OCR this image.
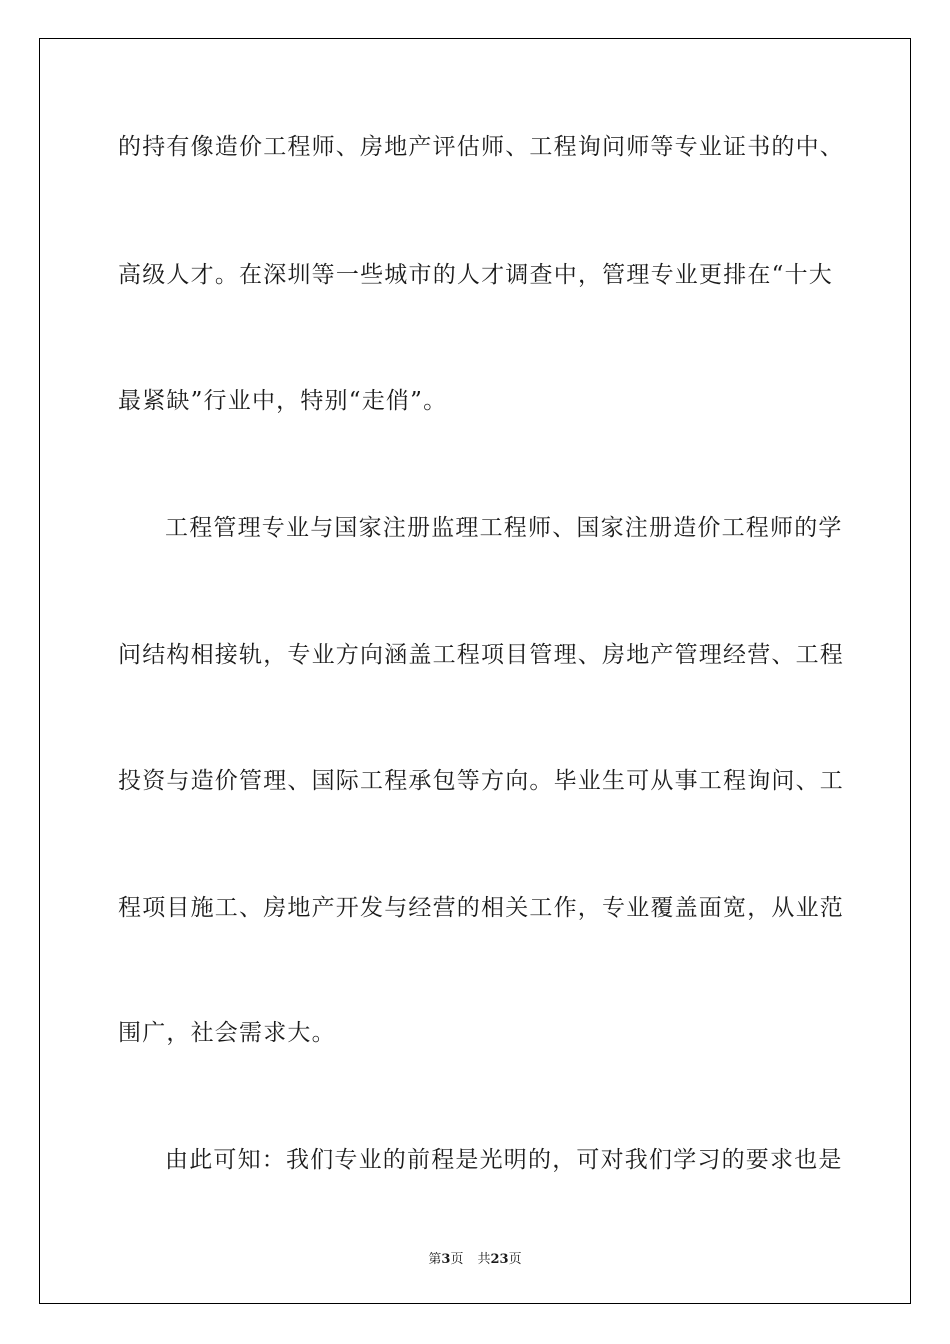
的持有像造价工程师、房地产评估师、工程询问师等专业证书的中、
高级人才。在深圳等一些城市的人才调查中，管理专业更排在“十大
最紧缺”行业中，特别“走俏”。
工程管理专业与国家注册监理工程师、国家注册造价工程师的学
问结构相接轨，专业方向涵盖工程项目管理、房地产管理经营、工程
投资与造价管理、国际工程承包等方向。毕业生可从事工程询问、工
程项目施工、房地产开发与经营的相关工作，专业覆盖面宽，从业范
围广，社会需求大。
由此可知：我们专业的前程是光明的，可对我们学习的要求也是
第3页 共23页
